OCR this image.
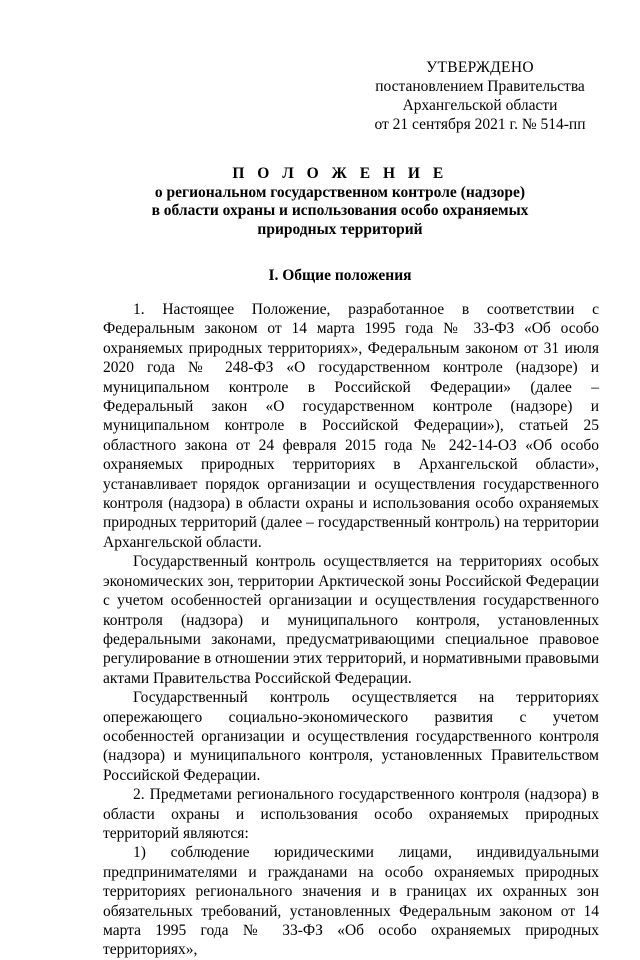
УТВЕРЖДЕНО
постановлением Правительства
Архангельской области
от 21 сентября 2021 г. № 514-пп
П О Л О Ж Е Н И Е
о региональном государственном контроле (надзоре)
в области охраны и использования особо охраняемых
природных территорий
I. Общие положения

1. Настоящее Положение, разработанное в соответствии с Федеральным законом от 14 марта 1995 года № 33-ФЗ «Об особо охраняемых природных территориях», Федеральным законом от 31 июля 2020 года № 248-ФЗ «О государственном контроле (надзоре) и муниципальном контроле в Российской Федерации» (далее – Федеральный закон «О государственном контроле (надзоре) и муниципальном контроле в Российской Федерации»), статьей 25 областного закона от 24 февраля 2015 года № 242-14-ОЗ «Об особо охраняемых природных территориях в Архангельской области», устанавливает порядок организации и осуществления государственного контроля (надзора) в области охраны и использования особо охраняемых природных территорий (далее – государственный контроль) на территории Архангельской области.

Государственный контроль осуществляется на территориях особых экономических зон, территории Арктической зоны Российской Федерации с учетом особенностей организации и осуществления государственного контроля (надзора) и муниципального контроля, установленных федеральными законами, предусматривающими специальное правовое регулирование в отношении этих территорий, и нормативными правовыми актами Правительства Российской Федерации.

Государственный контроль осуществляется на территориях опережающего социально-экономического развития с учетом особенностей организации и осуществления государственного контроля (надзора) и муниципального контроля, установленных Правительством Российской Федерации.

2. Предметами регионального государственного контроля (надзора) в области охраны и использования особо охраняемых природных территорий являются:

1) соблюдение юридическими лицами, индивидуальными предпринимателями и гражданами на особо охраняемых природных территориях регионального значения и в границах их охранных зон обязательных требований, установленных Федеральным законом от 14 марта 1995 года № 33-ФЗ «Об особо охраняемых природных территориях»,
